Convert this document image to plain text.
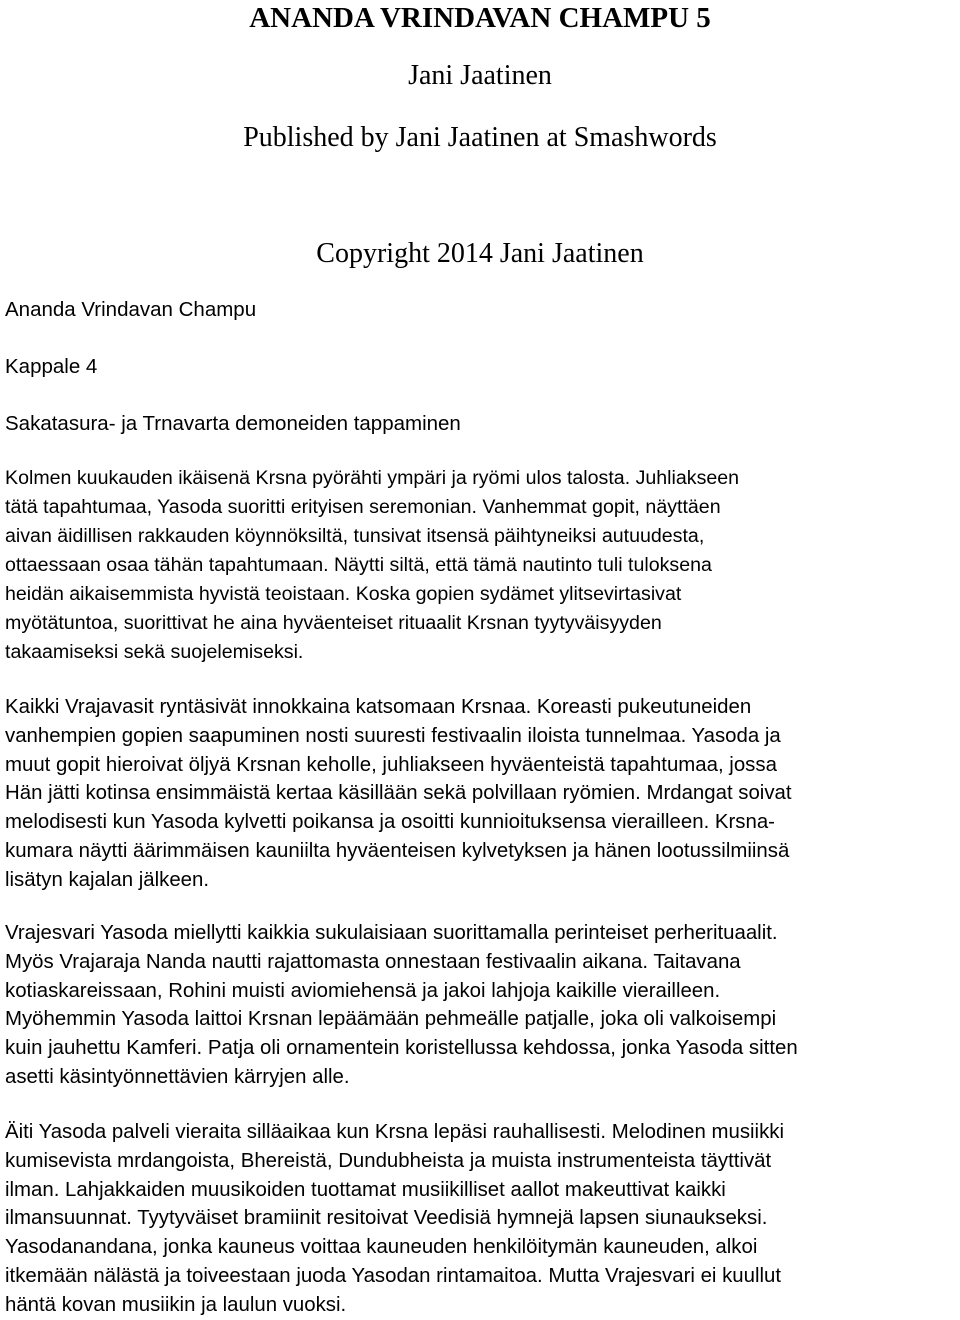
ANANDA VRINDAVAN CHAMPU 5

Jani Jaatinen

Published by Jani Jaatinen at Smashwords

Copyright 2014 Jani Jaatinen

Ananda Vrindavan Champu

Kappale 4

Sakatasura- ja Trnavarta demoneiden tappaminen

Kolmen kuukauden ikäisenä Krsna pyörähti ympäri ja ryömi ulos talosta. Juhliakseen
tätä tapahtumaa, Yasoda suoritti erityisen seremonian. Vanhemmat gopit, näyttäen
aivan äidillisen rakkauden köynnöksiltä, tunsivat itsensä päihtyneiksi autuudesta,
ottaessaan osaa tähän tapahtumaan. Näytti siltä, että tämä nautinto tuli tuloksena
heidän aikaisemmista hyvistä teoistaan. Koska gopien sydämet ylitsevirtasivat
myötätuntoa, suorittivat he aina hyväenteiset rituaalit Krsnan tyytyväisyyden
takaamiseksi sekä suojelemiseksi.

Kaikki Vrajavasit ryntäsivät innokkaina katsomaan Krsnaa. Koreasti pukeutuneiden
vanhempien gopien saapuminen nosti suuresti festivaalin iloista tunnelmaa. Yasoda ja
muut gopit hieroivat öljyä Krsnan keholle, juhliakseen hyväenteistä tapahtumaa, jossa
Hän jätti kotinsa ensimmäistä kertaa käsillään sekä polvillaan ryömien. Mrdangat soivat
melodisesti kun Yasoda kylvetti poikansa ja osoitti kunnioituksensa vierailleen. Krsna-
kumara näytti äärimmäisen kauniilta hyväenteisen kylvetyksen ja hänen lootussilmiinsä
lisätyn kajalan jälkeen.

Vrajesvari Yasoda miellytti kaikkia sukulaisiaan suorittamalla perinteiset perherituaalit.
Myös Vrajaraja Nanda nautti rajattomasta onnestaan festivaalin aikana. Taitavana
kotiaskareissaan, Rohini muisti aviomiehensä ja jakoi lahjoja kaikille vierailleen.
Myöhemmin Yasoda laittoi Krsnan lepäämään pehmeälle patjalle, joka oli valkoisempi
kuin jauhettu Kamferi. Patja oli ornamentein koristellussa kehdossa, jonka Yasoda sitten
asetti käsintyönnettävien kärryjen alle.

Äiti Yasoda palveli vieraita silläaikaa kun Krsna lepäsi rauhallisesti. Melodinen musiikki
kumisevista mrdangoista, Bhereistä, Dundubheista ja muista instrumenteista täyttivät
ilman. Lahjakkaiden muusikoiden tuottamat musiikilliset aallot makeuttivat kaikki
ilmansuunnat. Tyytyväiset bramiinit resitoivat Veedisiä hymnejä lapsen siunaukseksi.
Yasodanandana, jonka kauneus voittaa kauneuden henkilöitymän kauneuden, alkoi
itkemään nälästä ja toiveestaan juoda Yasodan rintamaitoa. Mutta Vrajesvari ei kuullut
häntä kovan musiikin ja laulun vuoksi.
